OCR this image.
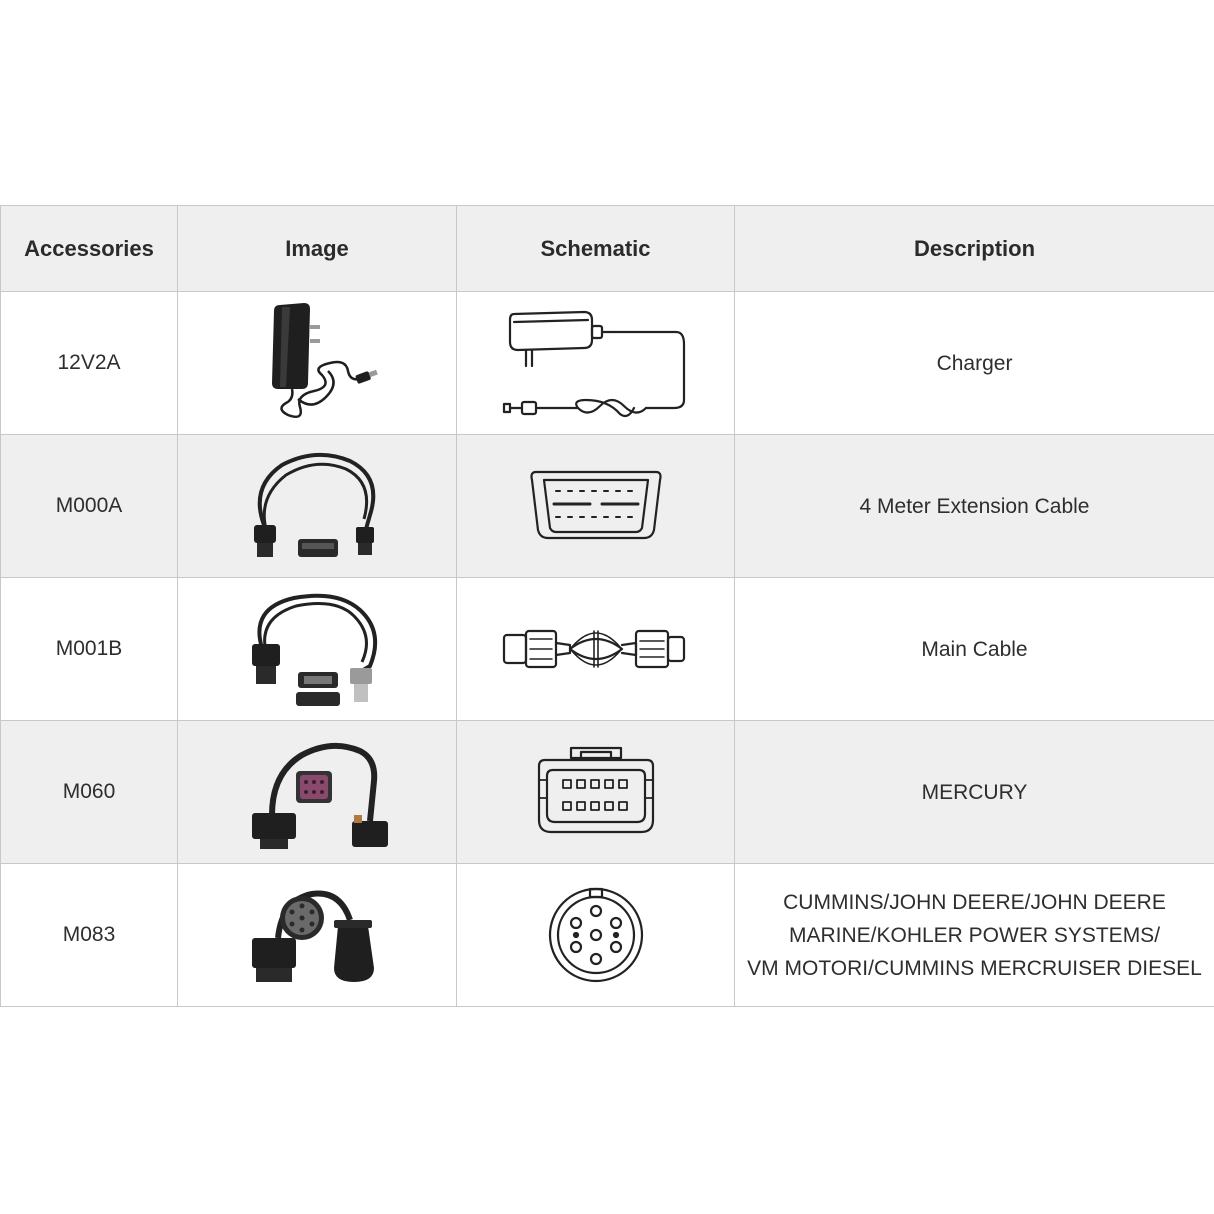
Accessories	Image	Schematic	Description
12V2A			Charger

M000A			4 Meter Extension Cable

M001B			Main Cable

M060			MERCURY

M083			CUMMINS/JOHN DEERE/JOHN DEERE
MARINE/KOHLER POWER SYSTEMS/
VM MOTORI/CUMMINS MERCRUISER DIESEL
